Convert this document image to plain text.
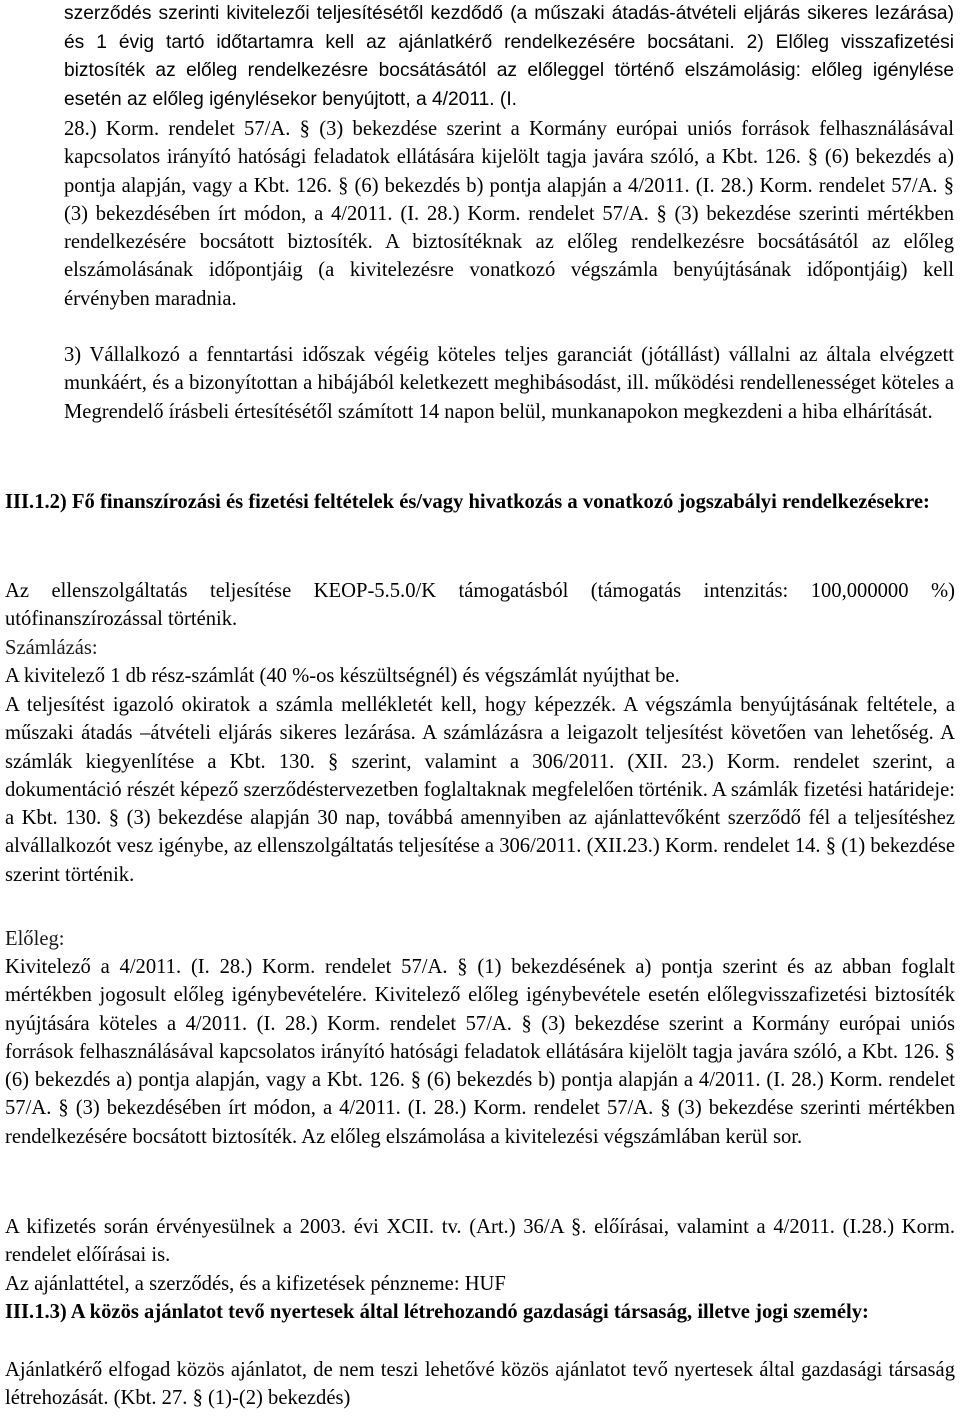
szerződés szerinti kivitelezői teljesítésétől kezdődő (a műszaki átadás-átvételi eljárás sikeres lezárása) és 1 évig tartó időtartamra kell az ajánlatkérő rendelkezésére bocsátani. 2) Előleg visszafizetési biztosíték az előleg rendelkezésre bocsátásától az előleggel történő elszámolásig: előleg igénylése esetén az előleg igénylésekor benyújtott, a 4/2011. (I.

28.) Korm. rendelet 57/A. § (3) bekezdése szerint a Kormány európai uniós források felhasználásával kapcsolatos irányító hatósági feladatok ellátására kijelölt tagja javára szóló, a Kbt. 126. § (6) bekezdés a) pontja alapján, vagy a Kbt. 126. § (6) bekezdés b) pontja alapján a 4/2011. (I. 28.) Korm. rendelet 57/A. § (3) bekezdésében írt módon, a 4/2011. (I. 28.) Korm. rendelet 57/A. § (3) bekezdése szerinti mértékben rendelkezésére bocsátott biztosíték. A biztosítéknak az előleg rendelkezésre bocsátásától az előleg elszámolásának időpontjáig (a kivitelezésre vonatkozó végszámla benyújtásának időpontjáig) kell érvényben maradnia.

3) Vállalkozó a fenntartási időszak végéig köteles teljes garanciát (jótállást) vállalni az általa elvégzett munkáért, és a bizonyítottan a hibájából keletkezett meghibásodást, ill. működési rendellenességet köteles a Megrendelő írásbeli értesítésétől számított 14 napon belül, munkanapokon megkezdeni a hiba elhárítását.

III.1.2) Fő finanszírozási és fizetési feltételek és/vagy hivatkozás a vonatkozó jogszabályi rendelkezésekre:

Az ellenszolgáltatás teljesítése KEOP-5.5.0/K támogatásból (támogatás intenzitás: 100,000000 %) utófinanszírozással történik.

Számlázás:

A kivitelező 1 db rész-számlát (40 %-os készültségnél) és végszámlát nyújthat be.

A teljesítést igazoló okiratok a számla mellékletét kell, hogy képezzék. A végszámla benyújtásának feltétele, a műszaki átadás –átvételi eljárás sikeres lezárása. A számlázásra a leigazolt teljesítést követően van lehetőség. A számlák kiegyenlítése a Kbt. 130. § szerint, valamint a 306/2011. (XII. 23.) Korm. rendelet szerint, a dokumentáció részét képező szerződéstervezetben foglaltaknak megfelelően történik. A számlák fizetési határideje: a Kbt. 130. § (3) bekezdése alapján 30 nap, továbbá amennyiben az ajánlattevőként szerződő fél a teljesítéshez alvállalkozót vesz igénybe, az ellenszolgáltatás teljesítése a 306/2011. (XII.23.) Korm. rendelet 14. § (1) bekezdése szerint történik.

Előleg:

Kivitelező a 4/2011. (I. 28.) Korm. rendelet 57/A. § (1) bekezdésének a) pontja szerint és az abban foglalt mértékben jogosult előleg igénybevételére. Kivitelező előleg igénybevétele esetén előlegvisszafizetési biztosíték nyújtására köteles a 4/2011. (I. 28.) Korm. rendelet 57/A. § (3) bekezdése szerint a Kormány európai uniós források felhasználásával kapcsolatos irányító hatósági feladatok ellátására kijelölt tagja javára szóló, a Kbt. 126. § (6) bekezdés a) pontja alapján, vagy a Kbt. 126. § (6) bekezdés b) pontja alapján a 4/2011. (I. 28.) Korm. rendelet 57/A. § (3) bekezdésében írt módon, a 4/2011. (I. 28.) Korm. rendelet 57/A. § (3) bekezdése szerinti mértékben rendelkezésére bocsátott biztosíték. Az előleg elszámolása a kivitelezési végszámlában kerül sor.

A kifizetés során érvényesülnek a 2003. évi XCII. tv. (Art.) 36/A §. előírásai, valamint a 4/2011. (I.28.) Korm. rendelet előírásai is.

Az ajánlattétel, a szerződés, és a kifizetések pénzneme: HUF

III.1.3) A közös ajánlatot tevő nyertesek által létrehozandó gazdasági társaság, illetve jogi személy:

Ajánlatkérő elfogad közös ajánlatot, de nem teszi lehetővé közös ajánlatot tevő nyertesek által gazdasági társaság létrehozását. (Kbt. 27. § (1)-(2) bekezdés)
